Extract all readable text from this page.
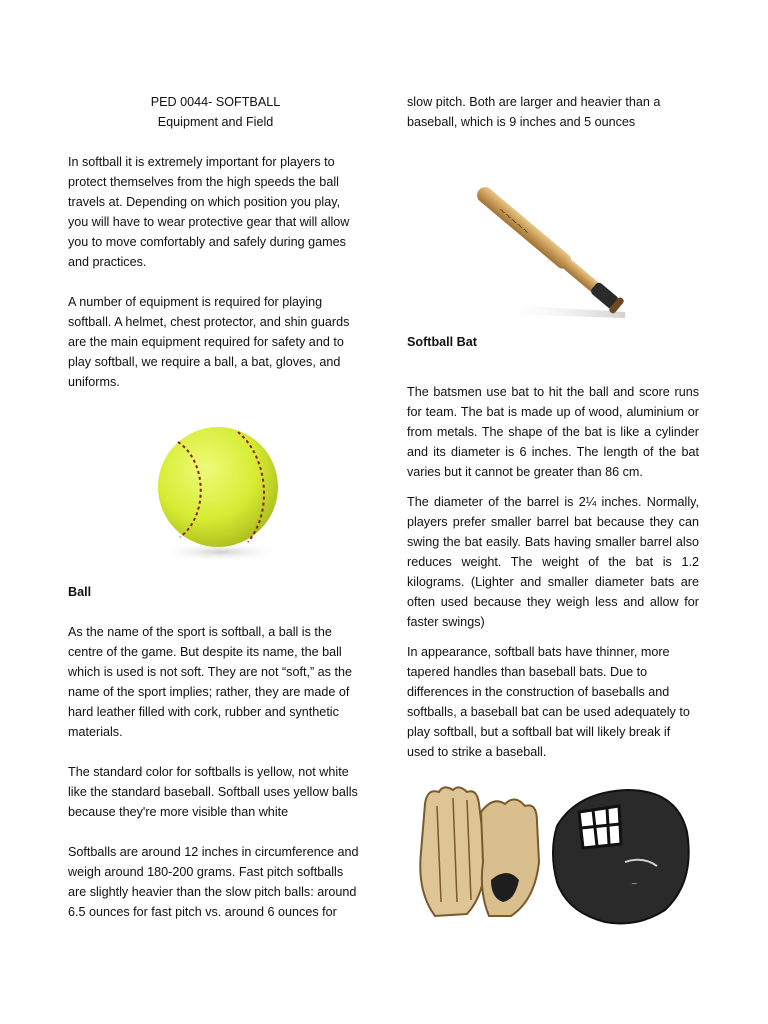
PED 0044- SOFTBALL

Equipment and Field

In softball it is extremely important for players to protect themselves from the high speeds the ball travels at. Depending on which position you play, you will have to wear protective gear that will allow you to move comfortably and safely during games and practices.

A number of equipment is required for playing softball. A helmet, chest protector, and shin guards are the main equipment required for safety and to play softball, we require a ball, a bat, gloves, and uniforms.

Ball

As the name of the sport is softball, a ball is the centre of the game. But despite its name, the ball which is used is not soft. They are not “soft,” as the name of the sport implies; rather, they are made of hard leather filled with cork, rubber and synthetic materials.

The standard color for softballs is yellow, not white like the standard baseball. Softball uses yellow balls because they're more visible than white

Softballs are around 12 inches in circumference and weigh around 180-200 grams. Fast pitch softballs are slightly heavier than the slow pitch balls: around 6.5 ounces for fast pitch vs. around 6 ounces for

slow pitch. Both are larger and heavier than a baseball, which is 9 inches and 5 ounces

~~~~~

Softball Bat

The batsmen use bat to hit the ball and score runs for team. The bat is made up of wood, aluminium or from metals. The shape of the bat is like a cylinder and its diameter is 6 inches. The length of the bat varies but it cannot be greater than 86 cm.

The diameter of the barrel is 2¼ inches. Normally, players prefer smaller barrel bat because they can swing the bat easily. Bats having smaller barrel also reduces weight. The weight of the bat is 1.2 kilograms. (Lighter and smaller diameter bats are often used because they weigh less and allow for faster swings)

In appearance, softball bats have thinner, more tapered handles than baseball bats. Due to differences in the construction of baseballs and softballs, a baseball bat can be used adequately to play softball, but a softball bat will likely break if used to strike a baseball.

~
